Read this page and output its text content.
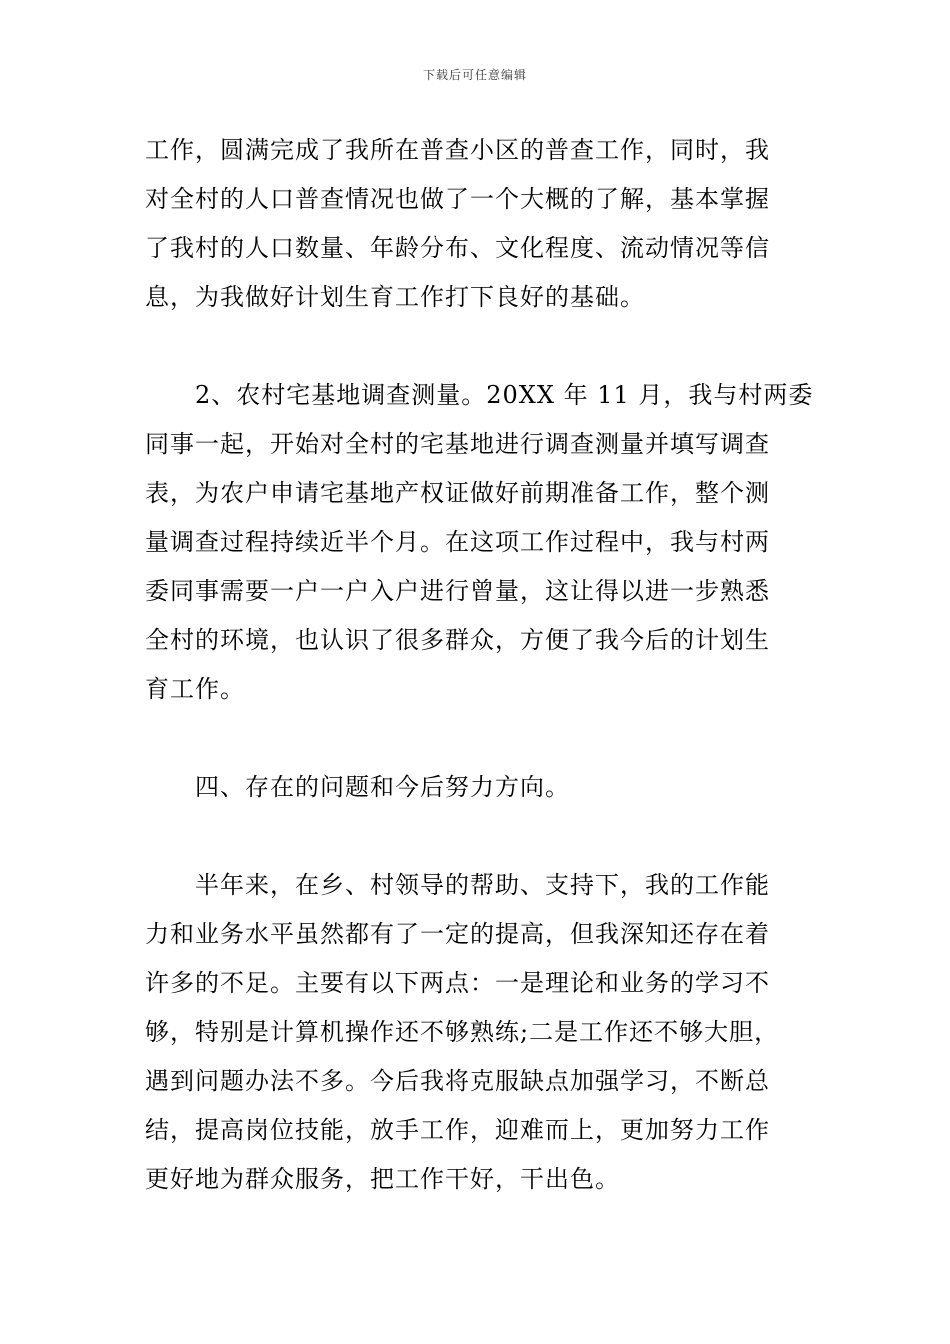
下载后可任意编辑
工作，圆满完成了我所在普查小区的普查工作，同时，我
对全村的人口普查情况也做了一个大概的了解，基本掌握
了我村的人口数量、年龄分布、文化程度、流动情况等信
息，为我做好计划生育工作打下良好的基础。
2、农村宅基地调查测量。20XX 年 11 月，我与村两委
同事一起，开始对全村的宅基地进行调查测量并填写调查
表，为农户申请宅基地产权证做好前期准备工作，整个测
量调查过程持续近半个月。在这项工作过程中，我与村两
委同事需要一户一户入户进行曾量，这让得以进一步熟悉
全村的环境，也认识了很多群众，方便了我今后的计划生
育工作。
四、存在的问题和今后努力方向。
半年来，在乡、村领导的帮助、支持下，我的工作能
力和业务水平虽然都有了一定的提高，但我深知还存在着
许多的不足。主要有以下两点：一是理论和业务的学习不
够，特别是计算机操作还不够熟练;二是工作还不够大胆，
遇到问题办法不多。今后我将克服缺点加强学习，不断总
结，提高岗位技能，放手工作，迎难而上，更加努力工作
更好地为群众服务，把工作干好，干出色。
